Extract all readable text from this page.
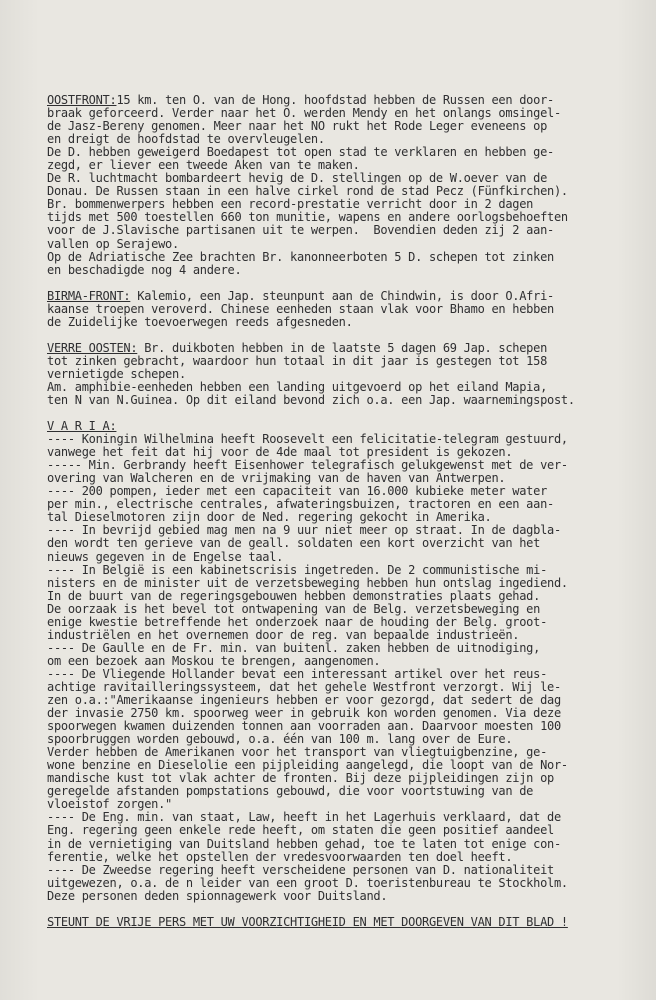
OOSTFRONT:15 km. ten O. van de Hong. hoofdstad hebben de Russen een door-
braak geforceerd. Verder naar het O. werden Mendy en het onlangs omsingel-
de Jasz-Bereny genomen. Meer naar het NO rukt het Rode Leger eveneens op
en dreigt de hoofdstad te overvleugelen.
De D. hebben geweigerd Boedapest tot open stad te verklaren en hebben ge-
zegd, er liever een tweede Aken van te maken.
De R. luchtmacht bombardeert hevig de D. stellingen op de W.oever van de
Donau. De Russen staan in een halve cirkel rond de stad Pecz (Fünfkirchen).
Br. bommenwerpers hebben een record-prestatie verricht door in 2 dagen
tijds met 500 toestellen 660 ton munitie, wapens en andere oorlogsbehoeften
voor de J.Slavische partisanen uit te werpen.  Bovendien deden zij 2 aan-
vallen op Serajewo.
Op de Adriatische Zee brachten Br. kanonneerboten 5 D. schepen tot zinken
en beschadigde nog 4 andere.
BIRMA-FRONT: Kalemio, een Jap. steunpunt aan de Chindwin, is door O.Afri-
kaanse troepen veroverd. Chinese eenheden staan vlak voor Bhamo en hebben
de Zuidelijke toevoerwegen reeds afgesneden.
VERRE OOSTEN: Br. duikboten hebben in de laatste 5 dagen 69 Jap. schepen
tot zinken gebracht, waardoor hun totaal in dit jaar is gestegen tot 158
vernietigde schepen.
Am. amphibie-eenheden hebben een landing uitgevoerd op het eiland Mapia,
ten N van N.Guinea. Op dit eiland bevond zich o.a. een Jap. waarnemingspost.
V A R I A:
---- Koningin Wilhelmina heeft Roosevelt een felicitatie-telegram gestuurd,
vanwege het feit dat hij voor de 4de maal tot president is gekozen.
----- Min. Gerbrandy heeft Eisenhower telegrafisch gelukgewenst met de ver-
overing van Walcheren en de vrijmaking van de haven van Antwerpen.
---- 200 pompen, ieder met een capaciteit van 16.000 kubieke meter water
per min., electrische centrales, afwateringsbuizen, tractoren en een aan-
tal Dieselmotoren zijn door de Ned. regering gekocht in Amerika.
---- In bevrijd gebied mag men na 9 uur niet meer op straat. In de dagbla-
den wordt ten gerieve van de geall. soldaten een kort overzicht van het
nieuws gegeven in de Engelse taal.
---- In België is een kabinetscrisis ingetreden. De 2 communistische mi-
nisters en de minister uit de verzetsbeweging hebben hun ontslag ingediend.
In de buurt van de regeringsgebouwen hebben demonstraties plaats gehad.
De oorzaak is het bevel tot ontwapening van de Belg. verzetsbeweging en
enige kwestie betreffende het onderzoek naar de houding der Belg. groot-
industriëlen en het overnemen door de reg. van bepaalde industrieën.
---- De Gaulle en de Fr. min. van buitenl. zaken hebben de uitnodiging,
om een bezoek aan Moskou te brengen, aangenomen.
---- De Vliegende Hollander bevat een interessant artikel over het reus-
achtige ravitailleringssysteem, dat het gehele Westfront verzorgt. Wij le-
zen o.a.:"Amerikaanse ingenieurs hebben er voor gezorgd, dat sedert de dag
der invasie 2750 km. spoorweg weer in gebruik kon worden genomen. Via deze
spoorwegen kwamen duizenden tonnen aan voorraden aan. Daarvoor moesten 100
spoorbruggen worden gebouwd, o.a. één van 100 m. lang over de Eure.
Verder hebben de Amerikanen voor het transport van vliegtuigbenzine, ge-
wone benzine en Dieselolie een pijpleiding aangelegd, die loopt van de Nor-
mandische kust tot vlak achter de fronten. Bij deze pijpleidingen zijn op
geregelde afstanden pompstations gebouwd, die voor voortstuwing van de
vloeistof zorgen."
---- De Eng. min. van staat, Law, heeft in het Lagerhuis verklaard, dat de
Eng. regering geen enkele rede heeft, om staten die geen positief aandeel
in de vernietiging van Duitsland hebben gehad, toe te laten tot enige con-
ferentie, welke het opstellen der vredesvoorwaarden ten doel heeft.
---- De Zweedse regering heeft verscheidene personen van D. nationaliteit
uitgewezen, o.a. de n leider van een groot D. toeristenbureau te Stockholm.
Deze personen deden spionnagewerk voor Duitsland.
STEUNT DE VRIJE PERS MET UW VOORZICHTIGHEID EN MET DOORGEVEN VAN DIT BLAD !
